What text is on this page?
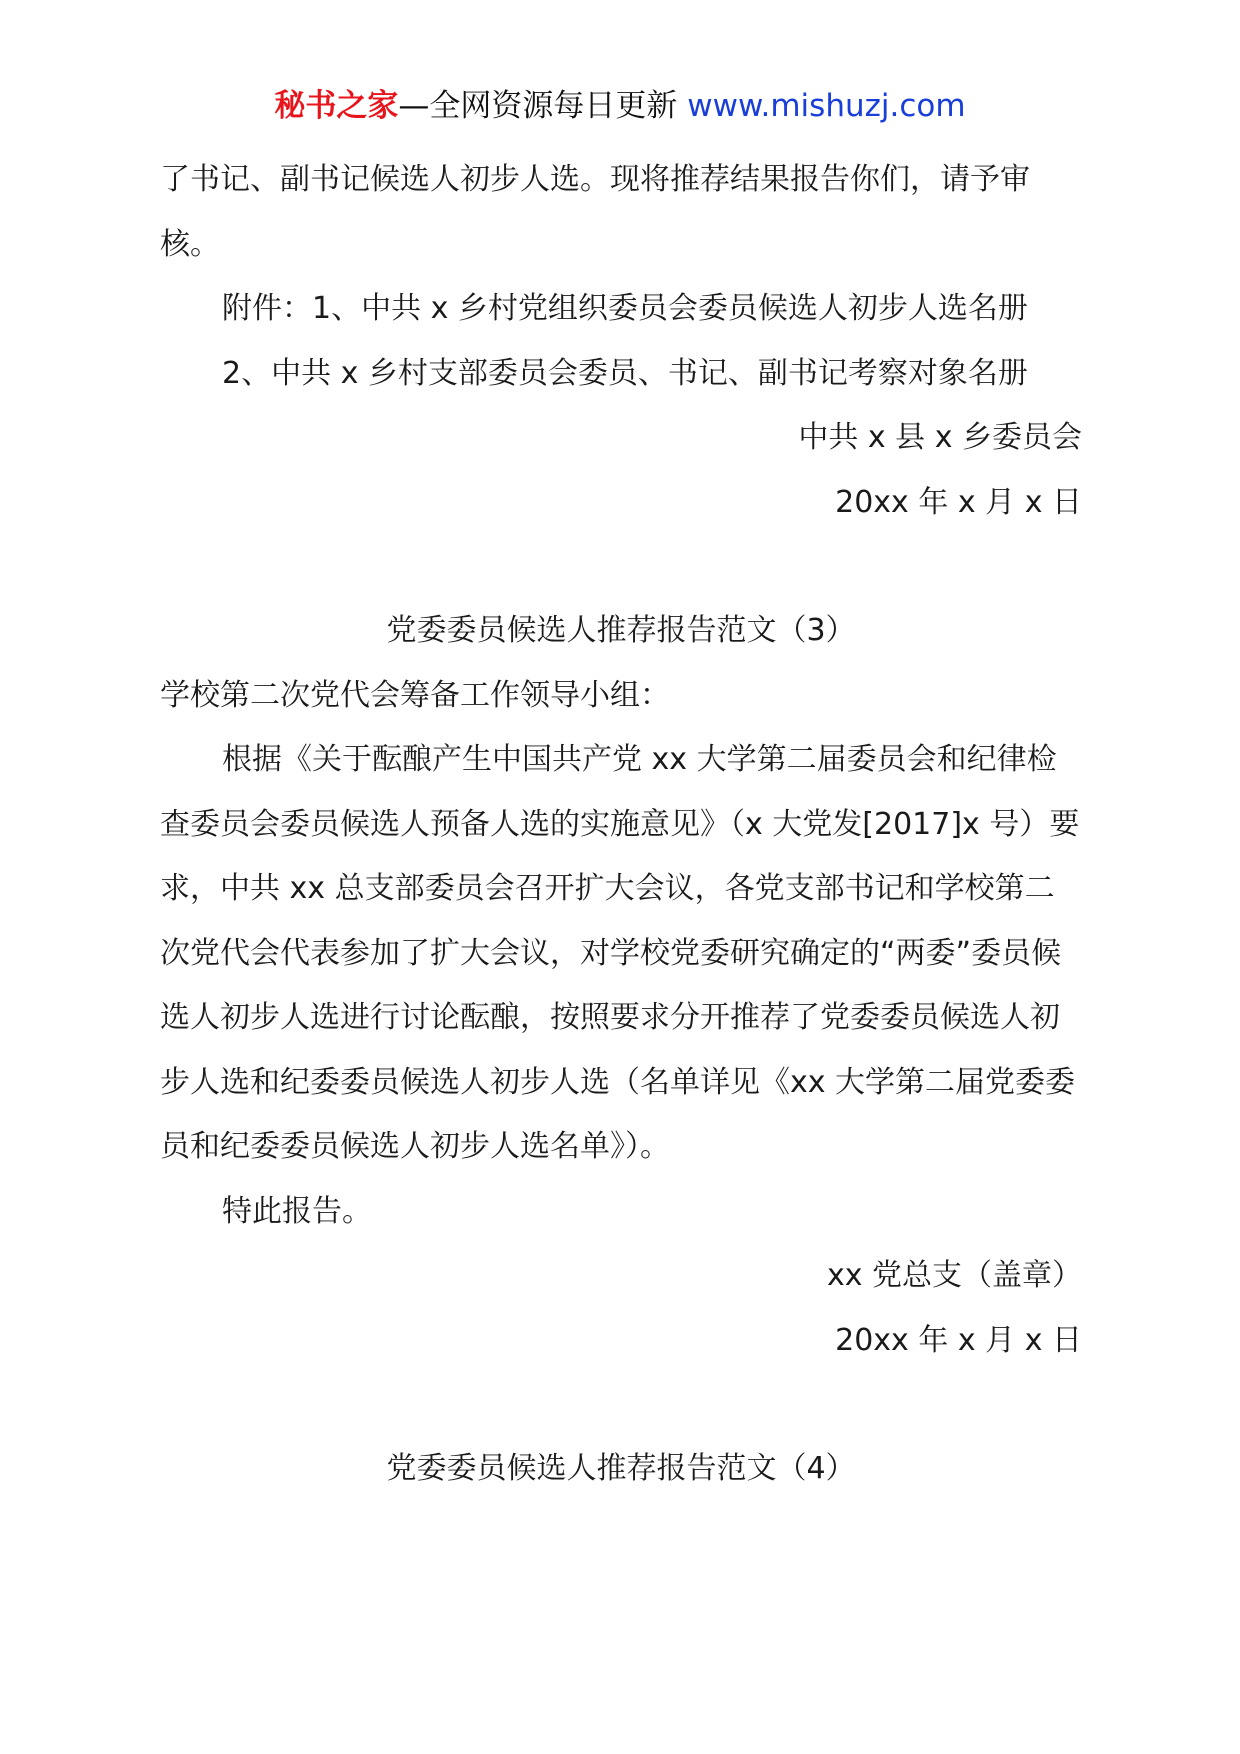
秘书之家—全网资源每日更新 www.mishuzj.com

了书记、副书记候选人初步人选。现将推荐结果报告你们，请予审核。

附件：1、中共 x 乡村党组织委员会委员候选人初步人选名册

2、中共 x 乡村支部委员会委员、书记、副书记考察对象名册

中共 x 县 x 乡委员会

20xx 年 x 月 x 日

党委委员候选人推荐报告范文（3）

学校第二次党代会筹备工作领导小组：

根据《关于酝酿产生中国共产党 xx 大学第二届委员会和纪律检查委员会委员候选人预备人选的实施意见》（x 大党发[2017]x 号）要求，中共 xx 总支部委员会召开扩大会议，各党支部书记和学校第二次党代会代表参加了扩大会议，对学校党委研究确定的“两委”委员候选人初步人选进行讨论酝酿，按照要求分开推荐了党委委员候选人初步人选和纪委委员候选人初步人选（名单详见《xx 大学第二届党委委员和纪委委员候选人初步人选名单》）。

特此报告。

xx 党总支（盖章）

20xx 年 x 月 x 日

党委委员候选人推荐报告范文（4）
